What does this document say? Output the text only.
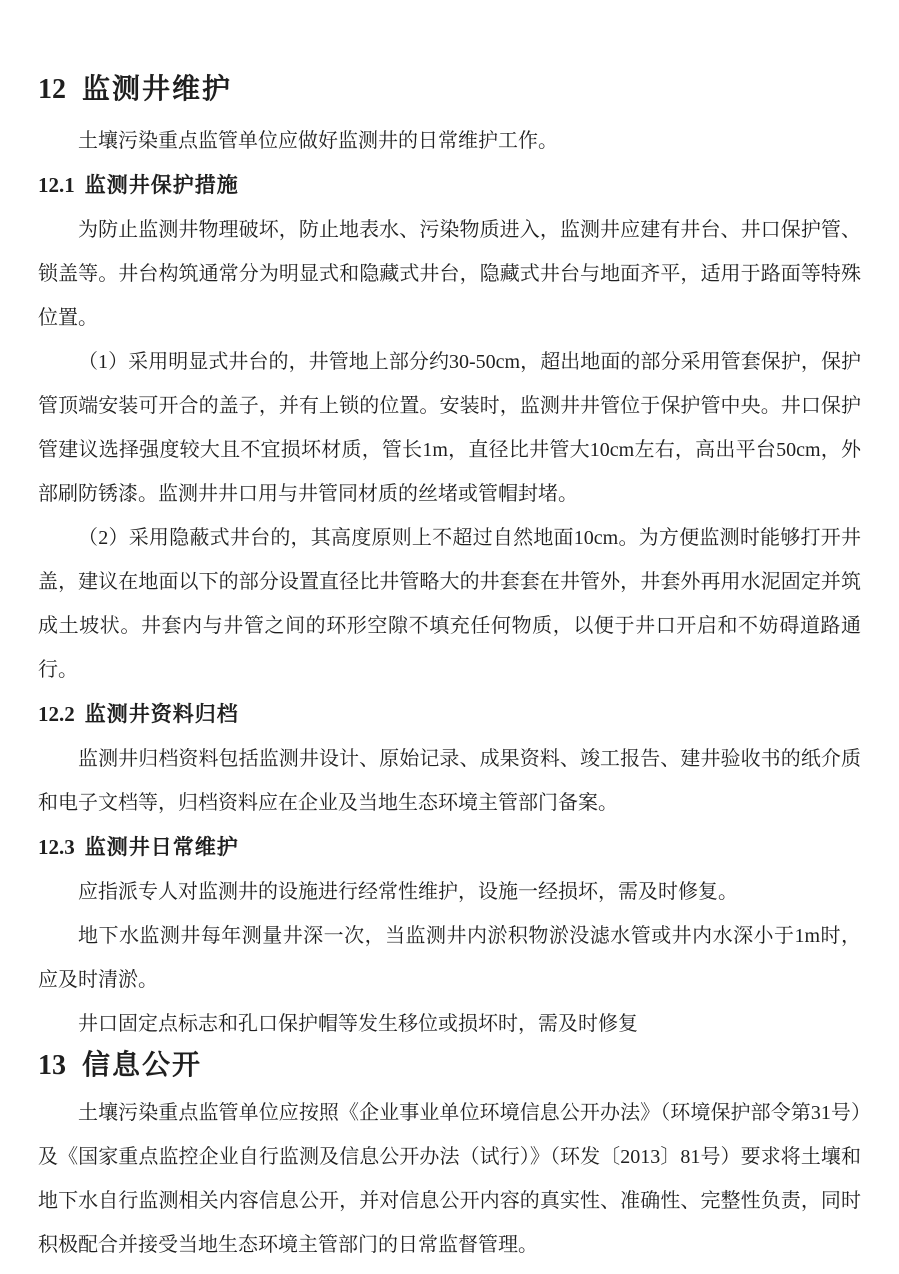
12 监测井维护

土壤污染重点监管单位应做好监测井的日常维护工作。

12.1 监测井保护措施

为防止监测井物理破坏，防止地表水、污染物质进入，监测井应建有井台、井口保护管、锁盖等。井台构筑通常分为明显式和隐藏式井台，隐藏式井台与地面齐平，适用于路面等特殊位置。

（1）采用明显式井台的，井管地上部分约30-50cm，超出地面的部分采用管套保护，保护管顶端安装可开合的盖子，并有上锁的位置。安装时，监测井井管位于保护管中央。井口保护管建议选择强度较大且不宜损坏材质，管长1m，直径比井管大10cm左右，高出平台50cm，外部刷防锈漆。监测井井口用与井管同材质的丝堵或管帽封堵。

（2）采用隐蔽式井台的，其高度原则上不超过自然地面10cm。为方便监测时能够打开井盖，建议在地面以下的部分设置直径比井管略大的井套套在井管外，井套外再用水泥固定并筑成土坡状。井套内与井管之间的环形空隙不填充任何物质，以便于井口开启和不妨碍道路通行。

12.2 监测井资料归档

监测井归档资料包括监测井设计、原始记录、成果资料、竣工报告、建井验收书的纸介质和电子文档等，归档资料应在企业及当地生态环境主管部门备案。

12.3 监测井日常维护

应指派专人对监测井的设施进行经常性维护，设施一经损坏，需及时修复。

地下水监测井每年测量井深一次，当监测井内淤积物淤没滤水管或井内水深小于1m时，应及时清淤。

井口固定点标志和孔口保护帽等发生移位或损坏时，需及时修复

13 信息公开

土壤污染重点监管单位应按照《企业事业单位环境信息公开办法》（环境保护部令第31号）及《国家重点监控企业自行监测及信息公开办法（试行）》（环发〔2013〕81号）要求将土壤和地下水自行监测相关内容信息公开，并对信息公开内容的真实性、准确性、完整性负责，同时积极配合并接受当地生态环境主管部门的日常监督管理。
